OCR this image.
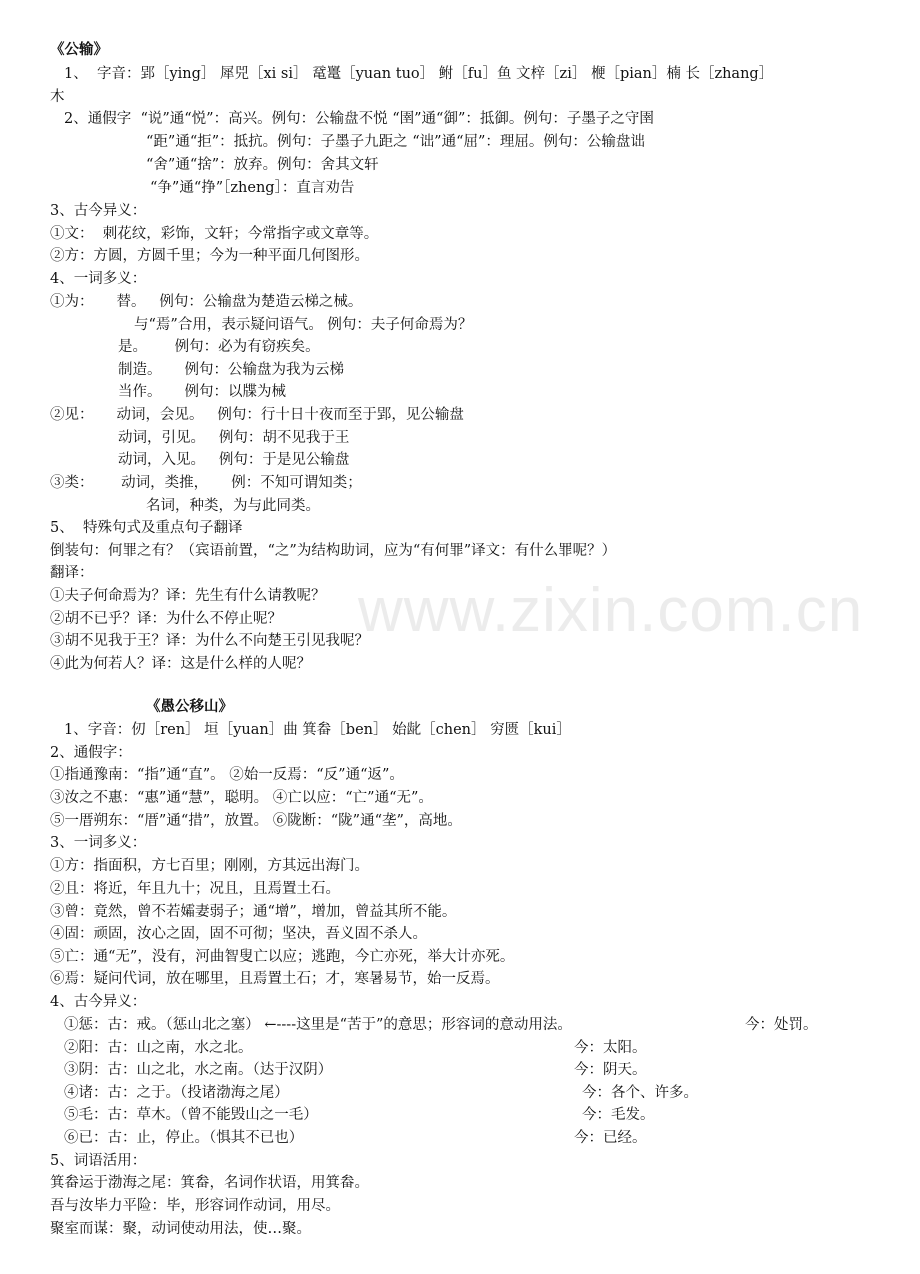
www.zixin.com.cn
《公输》
1、  字音：郢［ying］ 犀兕［xi si］ 鼋鼍［yuan tuo］ 鲋［fu］鱼 文梓［zi］ 楩［pian］楠 长［zhang］
木
2、通假字  “说”通“悦”：高兴。例句：公输盘不悦 “圉”通“御”：抵御。例句：子墨子之守圉
“距”通“拒”：抵抗。例句：子墨子九距之 “诎”通“屈”：理屈。例句：公输盘诎
“舍”通“捨”：放弃。例句：舍其文轩
“争”通“挣”［zheng］：直言劝告
3、古今异义：
①文：  刺花纹，彩饰，文轩；今常指字或文章等。
②方：方圆，方圆千里；今为一种平面几何图形。
4、一词多义：
①为：     替。   例句：公输盘为楚造云梯之械。
与“焉”合用，表示疑问语气。 例句：夫子何命焉为？
是。      例句：必为有窃疾矣。
制造。     例句：公输盘为我为云梯
当作。     例句：以牒为械
②见：     动词，会见。   例句：行十日十夜而至于郢，见公输盘
动词，引见。   例句：胡不见我于王
动词，入见。   例句：于是见公输盘
③类：      动词，类推，     例：不知可谓知类；
名词，种类，为与此同类。
5、  特殊句式及重点句子翻译
倒装句：何罪之有？（宾语前置，“之”为结构助词，应为“有何罪”译文：有什么罪呢？）
翻译：
①夫子何命焉为？译：先生有什么请教呢？
②胡不已乎？译：为什么不停止呢？
③胡不见我于王？译：为什么不向楚王引见我呢？
④此为何若人？译：这是什么样的人呢？
《愚公移山》
1、字音：仞［ren］ 垣［yuan］曲 箕畚［ben］ 始龀［chen］ 穷匮［kui］
2、通假字：
①指通豫南：“指”通“直”。 ②始一反焉：“反”通“返”。
③汝之不惠：“惠”通“慧”，聪明。 ④亡以应：“亡”通“无”。
⑤一厝朔东：“厝”通“措”，放置。 ⑥陇断：“陇”通“垄”，高地。
3、一词多义：
①方：指面积，方七百里；刚刚，方其远出海门。
②且：将近，年且九十；况且，且焉置土石。
③曾：竟然，曾不若孀妻弱子；通“增”，增加，曾益其所不能。
④固：顽固，汝心之固，固不可彻；坚决，吾义固不杀人。
⑤亡：通“无”，没有，河曲智叟亡以应；逃跑，今亡亦死，举大计亦死。
⑥焉：疑问代词，放在哪里，且焉置土石；才，寒暑易节，始一反焉。
4、古今异义：
①惩：古：戒。（惩山北之塞） ←----这里是“苦于”的意思；形容词的意动用法。	今：处罚。
②阳：古：山之南，水之北。	今：太阳。
③阴：古：山之北，水之南。（达于汉阴）	今：阴天。
④诸：古：之于。（投诸渤海之尾）	今：各个、许多。
⑤毛：古：草木。（曾不能毁山之一毛）	今：毛发。
⑥已：古：止，停止。（惧其不已也）	今：已经。
5、词语活用：
箕畚运于渤海之尾：箕畚，名词作状语，用箕畚。
吾与汝毕力平险：毕，形容词作动词，用尽。
聚室而谋：聚，动词使动用法，使…聚。
